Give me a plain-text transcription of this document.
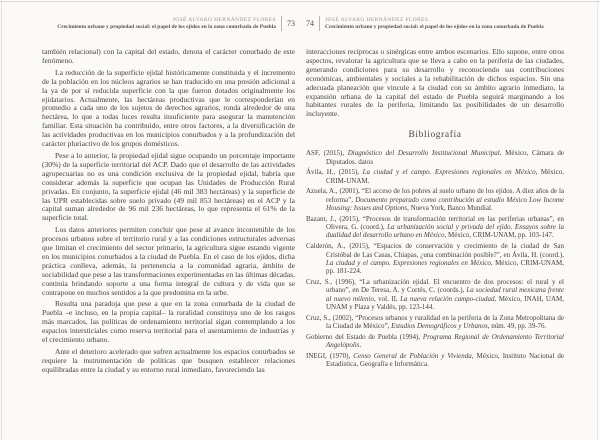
JOSÉ ALVARO HERNÁNDEZ FLORES
Crecimiento urbano y propiedad social: el papel de los ejidos en la zona conurbada de Puebla 73

también relacional) con la capital del estado, denota el carácter conurbado de este fenómeno.

La reducción de la superficie ejidal históricamente constituida y el incremento de la población en los núcleos agrarios se han traducido en una presión adicional a la ya de por sí reducida superficie con la que fueron dotados originalmente los ejidatarios. Actualmente, las hectáreas productivas que le corresponderían en promedio a cada uno de los sujetos de derechos agrarios, ronda alrededor de una hectárea, lo que a todas luces resulta insuficiente para asegurar la manutención familiar. Esta situación ha contribuido, entre otros factores, a la diversificación de las actividades productivas en los municipios conurbados y a la profundización del carácter pluriactivo de los grupos domésticos.

Pese a lo anterior, la propiedad ejidal sigue ocupando un porcentaje importante (30%) de la superficie territorial del ACP. Dado que el desarrollo de las actividades agropecuarias no es una condición exclusiva de la propiedad ejidal, habría que considerar además la superficie que ocupan las Unidades de Producción Rural privadas. En conjunto, la superficie ejidal (46 mil 383 hectáreas) y la superficie de las UPR establecidas sobre suelo privado (49 mil 853 hectáreas) en el ACP y la capital suman alrededor de 96 mil 236 hectáreas, lo que representa el 61% de la superficie total.

Los datos anteriores permiten concluir que pese al avance incontenible de los procesos urbanos sobre el territorio rural y a las condiciones estructurales adversas que limitan el crecimiento del sector primario, la agricultura sigue estando vigente en los municipios conurbados a la ciudad de Puebla. En el caso de los ejidos, dicha práctica conlleva, además, la pertenencia a la comunidad agraria, ámbito de sociabilidad que pese a las transformaciones experimentadas en las últimas décadas, continúa brindando soporte a una forma integral de cultura y de vida que se contrapone en muchos sentidos a la que predomina en la urbe.

Resulta una paradoja que pese a que en la zona conurbada de la ciudad de Puebla –e incluso, en la propia capital– la ruralidad constituya uno de los rasgos más marcados, las políticas de ordenamiento territorial sigan contemplando a los espacios intersticiales como reserva territorial para el asentamiento de industrias y el crecimiento urbano.

Ante el deterioro acelerado que sufren actualmente los espacios conurbados se requiere la instrumentación de políticas que busquen establecer relaciones equilibradas entre la ciudad y su entorno rural inmediato, favoreciendo las

74 JOSÉ ALVARO HERNÁNDEZ FLORES
Crecimiento urbano y propiedad social: el papel de los ejidos en la zona conurbada de Puebla

interacciones recíprocas o sinérgicas entre ambos escenarios. Ello supone, entre otros aspectos, revalorar la agricultura que se lleva a cabo en la periferia de las ciudades, generando condiciones para su desarrollo y reconociendo sus contribuciones económicas, ambientales y sociales a la rehabilitación de dichos espacios. Sin una adecuada planeación que vincule a la ciudad con su ámbito agrario inmediato, la expansión urbana de la capital del estado de Puebla seguirá marginando a los habitantes rurales de la periferia, limitando las posibilidades de un desarrollo incluyente.

Bibliografía

ASF, (2015), Diagnóstico del Desarrollo Institucional Municipal, México, Cámara de Diputados. datos

Ávila, H., (2015), La ciudad y el campo. Expresiones regionales en México, México, CRIM-UNAM.

Azuela, A., (2001), “El acceso de los pobres al suelo urbano de los ejidos. A diez años de la reforma”, Documento preparado como contribución al estudio México Low Income Housing: Issues and Options, Nueva York, Banco Mundial.

Bazant, J., (2015), “Procesos de transformación territorial en las periferias urbanas”, en Olivera, G. (coord.), La urbanización social y privada del ejido. Ensayos sobre la dualidad del desarrollo urbano en México, México, CRIM-UNAM, pp. 103-147.

Calderón, A., (2015), “Espacios de conservación y crecimiento de la ciudad de San Cristóbal de Las Casas, Chiapas, ¿una combinación posible?”, en Ávila, H. (coord.), La ciudad y el campo. Expresiones regionales en México, México, CRIM-UNAM, pp. 181-224.

Cruz, S., (1996), “La urbanización ejidal. El encuentro de dos procesos: el rural y el urbano”, en De Teresa, A. y Cortés, C. (coords.), La sociedad rural mexicana frente al nuevo milenio, vol. II, La nueva relación campo-ciudad, México, INAH, UAM, UNAM y Plaza y Valdés, pp. 123-144.

Cruz, S., (2002), “Procesos urbanos y ruralidad en la periferia de la Zona Metropolitana de la Ciudad de México”, Estudios Demográficos y Urbanos, núm. 49, pp. 39-76.

Gobierno del Estado de Puebla (1994), Programa Regional de Ordenamiento Territorial Angelópolis.

INEGI, (1970), Censo General de Población y Vivienda, México, Instituto Nacional de Estadística, Geografía e Informática.
